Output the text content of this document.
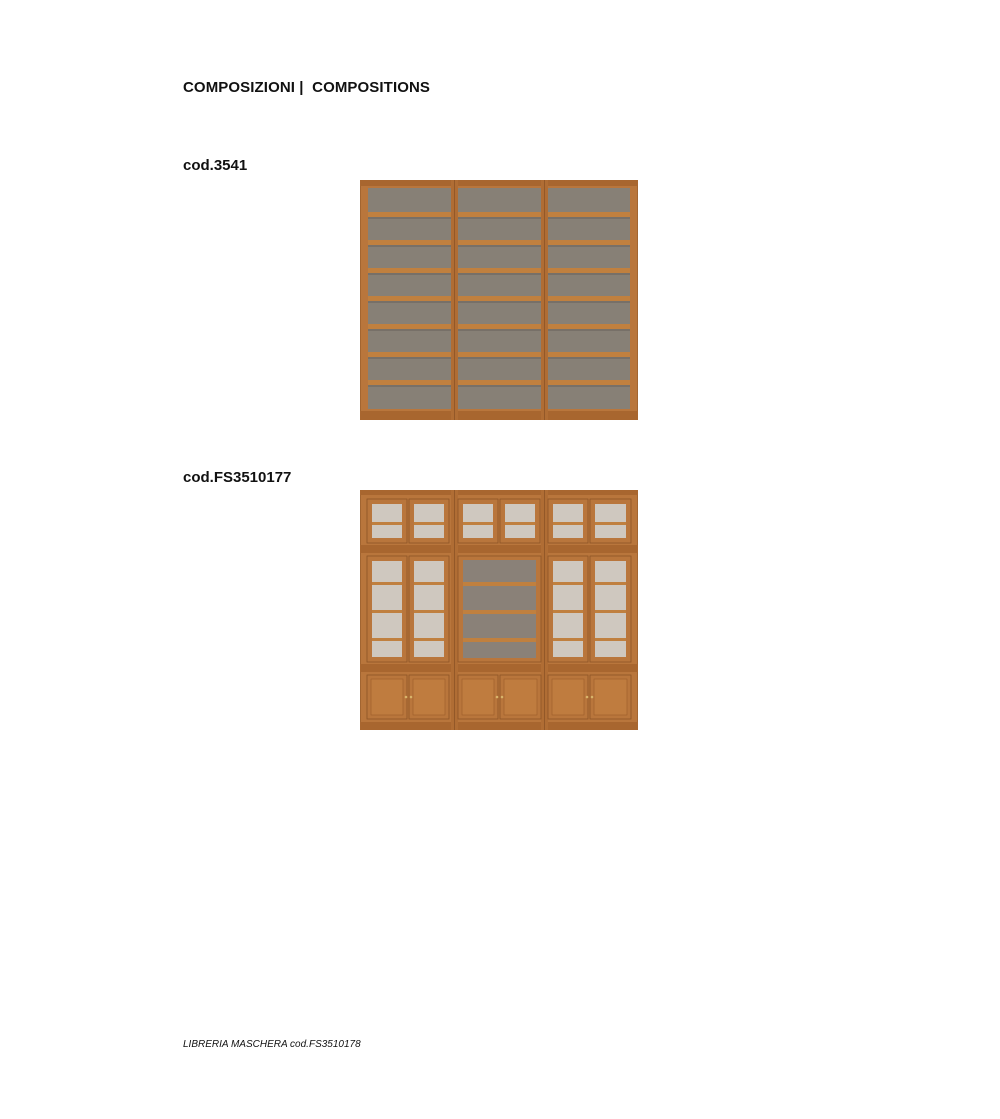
COMPOSIZIONI |  COMPOSITIONS
cod.3541
cod.FS3510177
LIBRERIA MASCHERA cod.FS3510178
